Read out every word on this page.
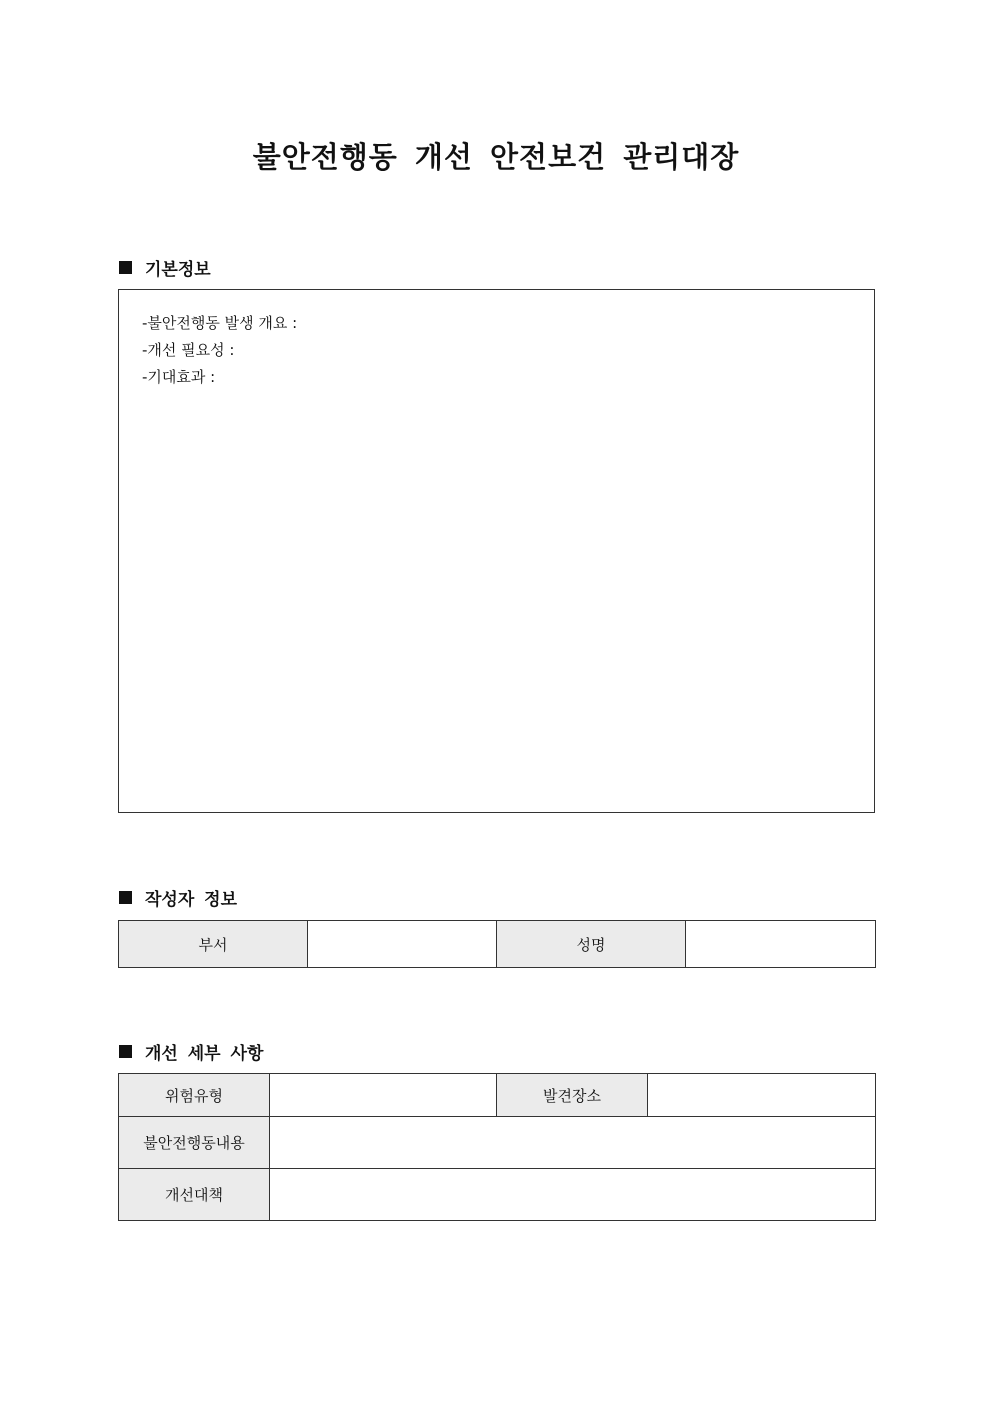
불안전행동 개선 안전보건 관리대장
기본정보
-불안전행동 발생 개요 :
-개선 필요성 :
-기대효과 :
작성자 정보
부서		성명	
개선 세부 사항
위험유형		발견장소	
불안전행동내용			
개선대책			
